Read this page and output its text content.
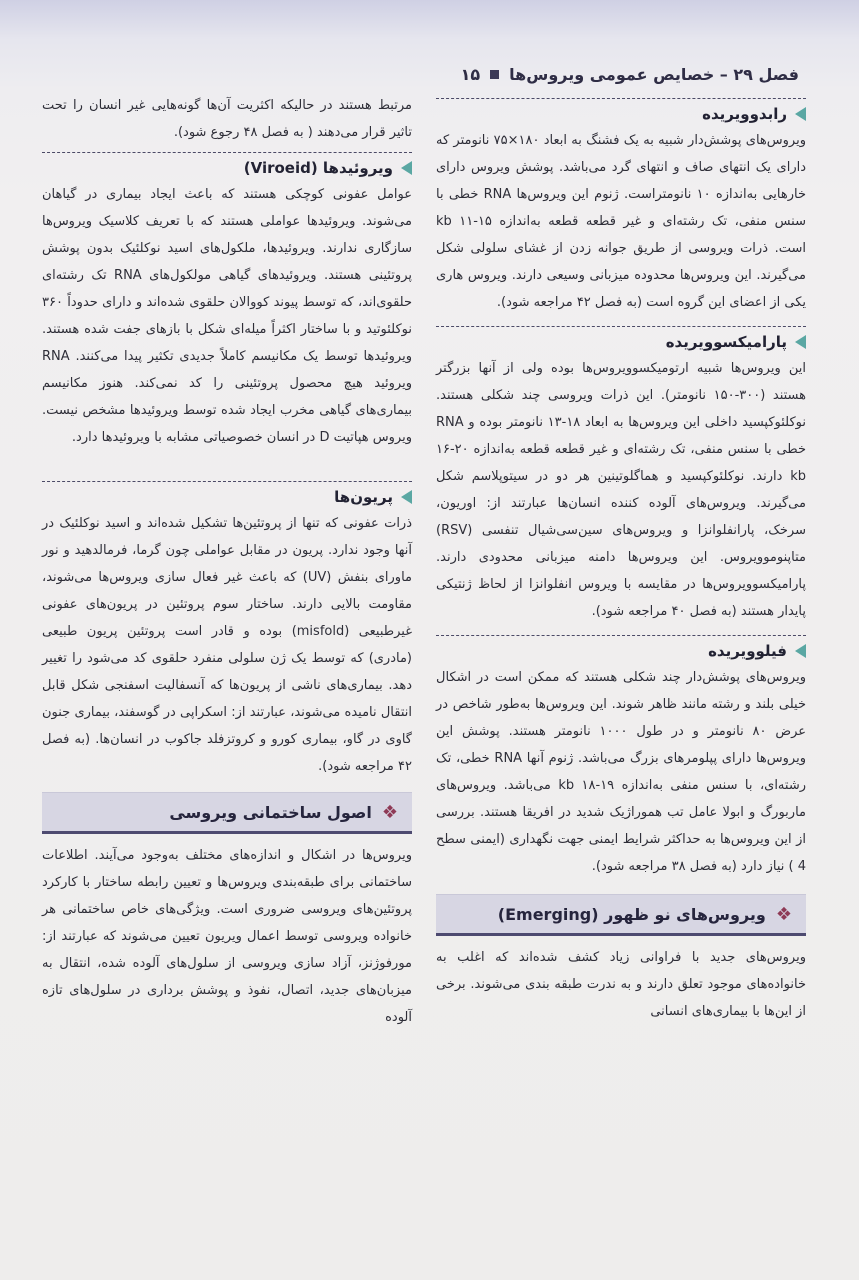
فصل ۲۹ – خصایص عمومی ویروس‌ها
۱۵
رابدوویریده

ویروس‌های پوشش‌دار شبیه به یک فشنگ به ابعاد ۱۸۰×۷۵ نانومتر که دارای یک انتهای صاف و انتهای گرد می‌باشد. پوشش ویروس دارای خارهایی به‌اندازه ۱۰ نانومتراست. ژنوم این ویروس‌ها RNA خطی با سنس منفی، تک رشته‌ای و غیر قطعه قطعه به‌اندازه ۱۵-۱۱ kb است. ذرات ویروسی از طریق جوانه زدن از غشای سلولی شکل می‌گیرند. این ویروس‌ها محدوده میزبانی وسیعی دارند. ویروس هاری یکی از اعضای این گروه است (به فصل ۴۲ مراجعه شود).

پارامیکسوویریده

این ویروس‌ها شبیه ارتومیکسوویروس‌ها بوده ولی از آنها بزرگتر هستند (۳۰۰-۱۵۰ نانومتر). این ذرات ویروسی چند شکلی هستند. نوکلئوکپسید داخلی این ویروس‌ها به ابعاد ۱۸-۱۳ نانومتر بوده و RNA خطی با سنس منفی، تک رشته‌ای و غیر قطعه قطعه به‌اندازه ۲۰-۱۶ kb دارند. نوکلئوکپسید و هماگلوتینین هر دو در سیتوپلاسم شکل می‌گیرند. ویروس‌های آلوده کننده انسان‌ها عبارتند از: اوریون، سرخک، پارانفلوانزا و ویروس‌های سین‌سی‌شیال تنفسی (RSV) متاپنوموویروس. این ویروس‌ها دامنه میزبانی محدودی دارند. پارامیکسوویروس‌ها در مقایسه با ویروس انفلوانزا از لحاظ ژنتیکی پایدار هستند (به فصل ۴۰ مراجعه شود).

فیلوویریده

ویروس‌های پوشش‌دار چند شکلی هستند که ممکن است در اشکال خیلی بلند و رشته مانند ظاهر شوند. این ویروس‌ها به‌طور شاخص در عرض ۸۰ نانومتر و در طول ۱۰۰۰ نانومتر هستند. پوشش این ویروس‌ها دارای پپلومرهای بزرگ می‌باشد. ژنوم آنها RNA خطی، تک رشته‌ای، با سنس منفی به‌اندازه ۱۹-۱۸ kb می‌باشد. ویروس‌های ماربورگ و ابولا عامل تب هموراژیک شدید در افریقا هستند. بررسی از این ویروس‌ها به حداکثر شرایط ایمنی جهت نگهداری (ایمنی سطح 4 ) نیاز دارد (به فصل ۳۸ مراجعه شود).

❖
ویروس‌های نو ظهور (Emerging)

ویروس‌های جدید با فراوانی زیاد کشف شده‌اند که اغلب به خانواده‌های موجود تعلق دارند و به ندرت طبقه بندی می‌شوند. برخی از این‌ها با بیماری‌های انسانی

مرتبط هستند در حالیکه اکثریت آن‌ها گونه‌هایی غیر انسان را تحت تاثیر قرار می‌دهند ( به فصل ۴۸ رجوع شود).

ویروئیدها (Viroeid)

عوامل عفونی کوچکی هستند که باعث ایجاد بیماری در گیاهان می‌شوند. ویروئیدها عواملی هستند که با تعریف کلاسیک ویروس‌ها سازگاری ندارند. ویروئیدها، ملکول‌های اسید نوکلئیک بدون پوشش پروتئینی هستند. ویروئیدهای گیاهی مولکول‌های RNA تک رشته‌ای حلقوی‌اند، که توسط پیوند کووالان حلقوی شده‌اند و دارای حدوداً ۳۶۰ نوکلئوتید و با ساختار اکثراً میله‌ای شکل با بازهای جفت شده هستند. ویروئیدها توسط یک مکانیسم کاملاً جدیدی تکثیر پیدا می‌کنند. RNA ویروئید هیچ محصول پروتئینی را کد نمی‌کند. هنوز مکانیسم بیماری‌های گیاهی مخرب ایجاد شده توسط ویروئیدها مشخص نیست. ویروس هپاتیت D در انسان خصوصیاتی مشابه با ویروئیدها دارد.

پریون‌ها

ذرات عفونی که تنها از پروتئین‌ها تشکیل شده‌اند و اسید نوکلئیک در آنها وجود ندارد. پریون در مقابل عواملی چون گرما، فرمالدهید و نور ماورای بنفش (UV) که باعث غیر فعال سازی ویروس‌ها می‌شوند، مقاومت بالایی دارند. ساختار سوم پروتئین در پریون‌های عفونی غیرطبیعی (misfold) بوده و قادر است پروتئین پریون طبیعی (مادری) که توسط یک ژن سلولی منفرد حلقوی کد می‌شود را تغییر دهد. بیماری‌های ناشی از پریون‌ها که آنسفالیت اسفنجی شکل قابل انتقال نامیده می‌شوند، عبارتند از: اسکراپی در گوسفند، بیماری جنون گاوی در گاو، بیماری کورو و کروتزفلد جاکوب در انسان‌ها. (به فصل ۴۲ مراجعه شود).

❖
اصول ساختمانی ویروسی

ویروس‌ها در اشکال و اندازه‌های مختلف به‌وجود می‌آیند. اطلاعات ساختمانی برای طبقه‌بندی ویروس‌ها و تعیین رابطه ساختار با کارکرد پروتئین‌های ویروسی ضروری است. ویژگی‌های خاص ساختمانی هر خانواده ویروسی توسط اعمال ویریون تعیین می‌شوند که عبارتند از: مورفوژنز، آزاد سازی ویروسی از سلول‌های آلوده شده، انتقال به میزبان‌های جدید، اتصال، نفوذ و پوشش برداری در سلول‌های تازه آلوده
